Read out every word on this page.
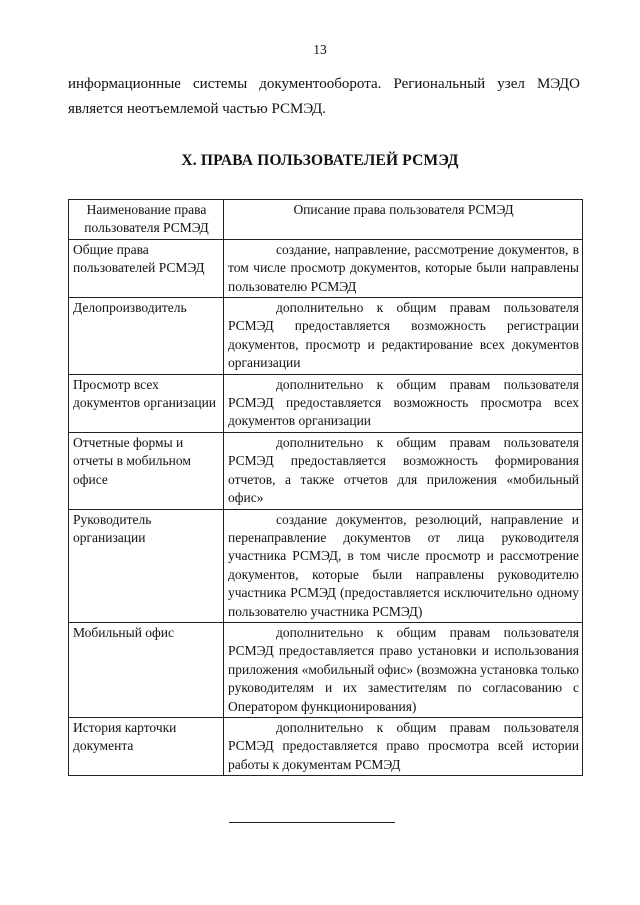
13

информационные системы документооборота. Региональный узел МЭДО является неотъемлемой частью РСМЭД.

X. ПРАВА ПОЛЬЗОВАТЕЛЕЙ РСМЭД
Наименование права пользователя РСМЭД	Описание права пользователя РСМЭД
Общие права пользователей РСМЭД	создание, направление, рассмотрение документов, в том числе просмотр документов, которые были направлены пользователю РСМЭД
Делопроизводитель	дополнительно к общим правам пользователя РСМЭД предоставляется возможность регистрации документов, просмотр и редактирование всех документов организации
Просмотр всех документов организации	дополнительно к общим правам пользователя РСМЭД предоставляется возможность просмотра всех документов организации
Отчетные формы и отчеты в мобильном офисе	дополнительно к общим правам пользователя РСМЭД предоставляется возможность формирования отчетов, а также отчетов для приложения «мобильный офис»
Руководитель организации	создание документов, резолюций, направление и перенаправление документов от лица руководителя участника РСМЭД, в том числе просмотр и рассмотрение документов, которые были направлены руководителю участника РСМЭД (предоставляется исключительно одному пользователю участника РСМЭД)
Мобильный офис	дополнительно к общим правам пользователя РСМЭД предоставляется право установки и использования приложения «мобильный офис» (возможна установка только руководителям и их заместителям по согласованию с Оператором функционирования)
История карточки документа	дополнительно к общим правам пользователя РСМЭД предоставляется право просмотра всей истории работы к документам РСМЭД
